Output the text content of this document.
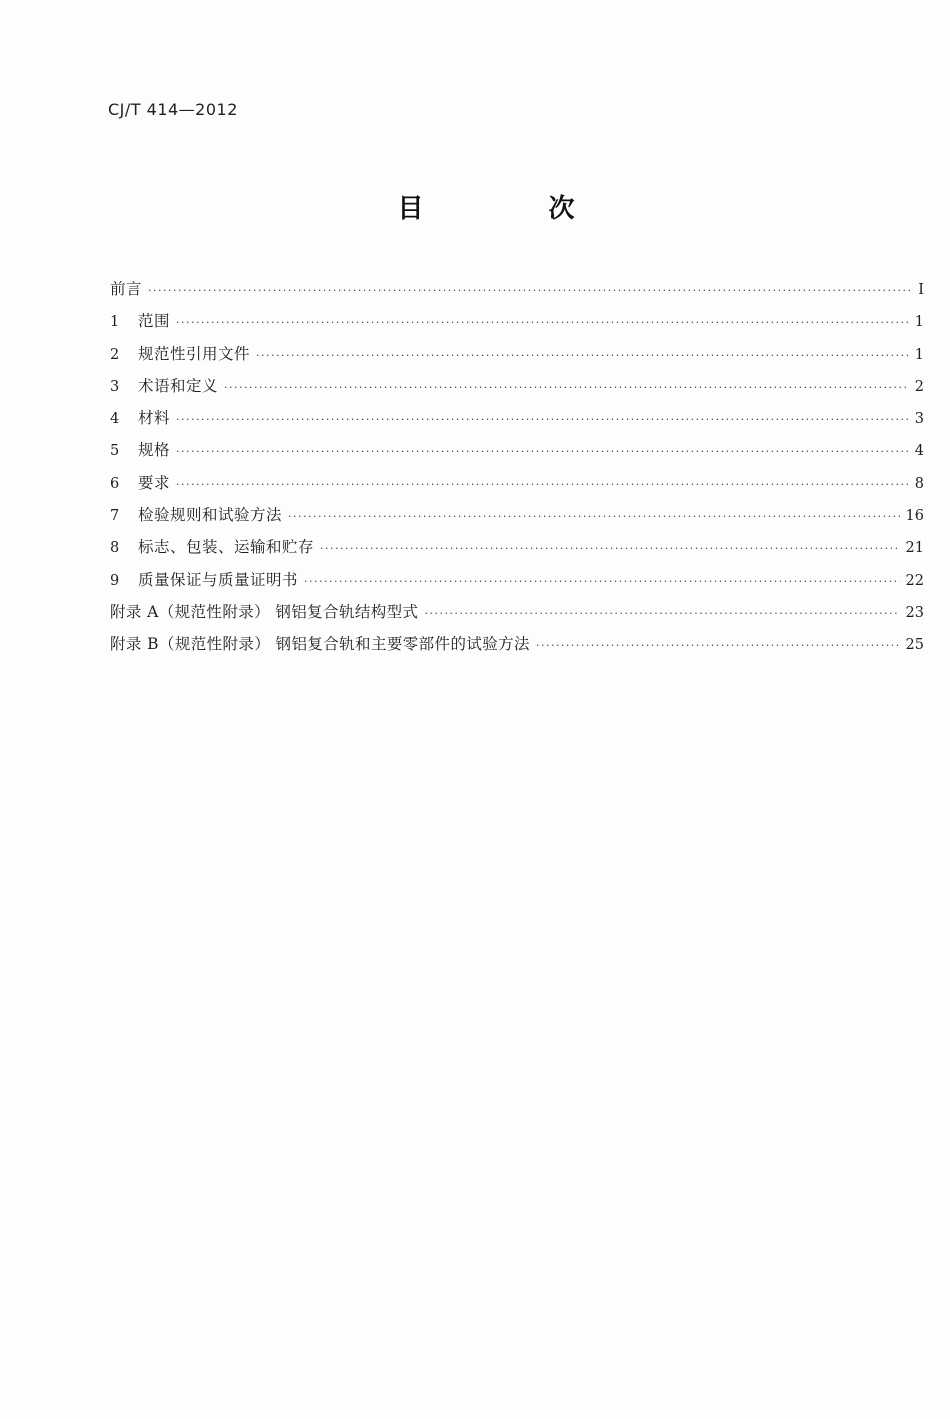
CJ/T 414—2012
目 次
前言 ·····	Ⅰ
1	范围 ·····	1
2	规范性引用文件 ·····	1
3	术语和定义 ·····	2
4	材料 ·····	3
5	规格 ·····	4
6	要求 ·····	8
7	检验规则和试验方法 ·····	16
8	标志、包装、运输和贮存 ·····	21
9	质量保证与质量证明书 ·····	22
附录 A（规范性附录） 钢铝复合轨结构型式 ·····	23
附录 B（规范性附录） 钢铝复合轨和主要零部件的试验方法 ·····	25
